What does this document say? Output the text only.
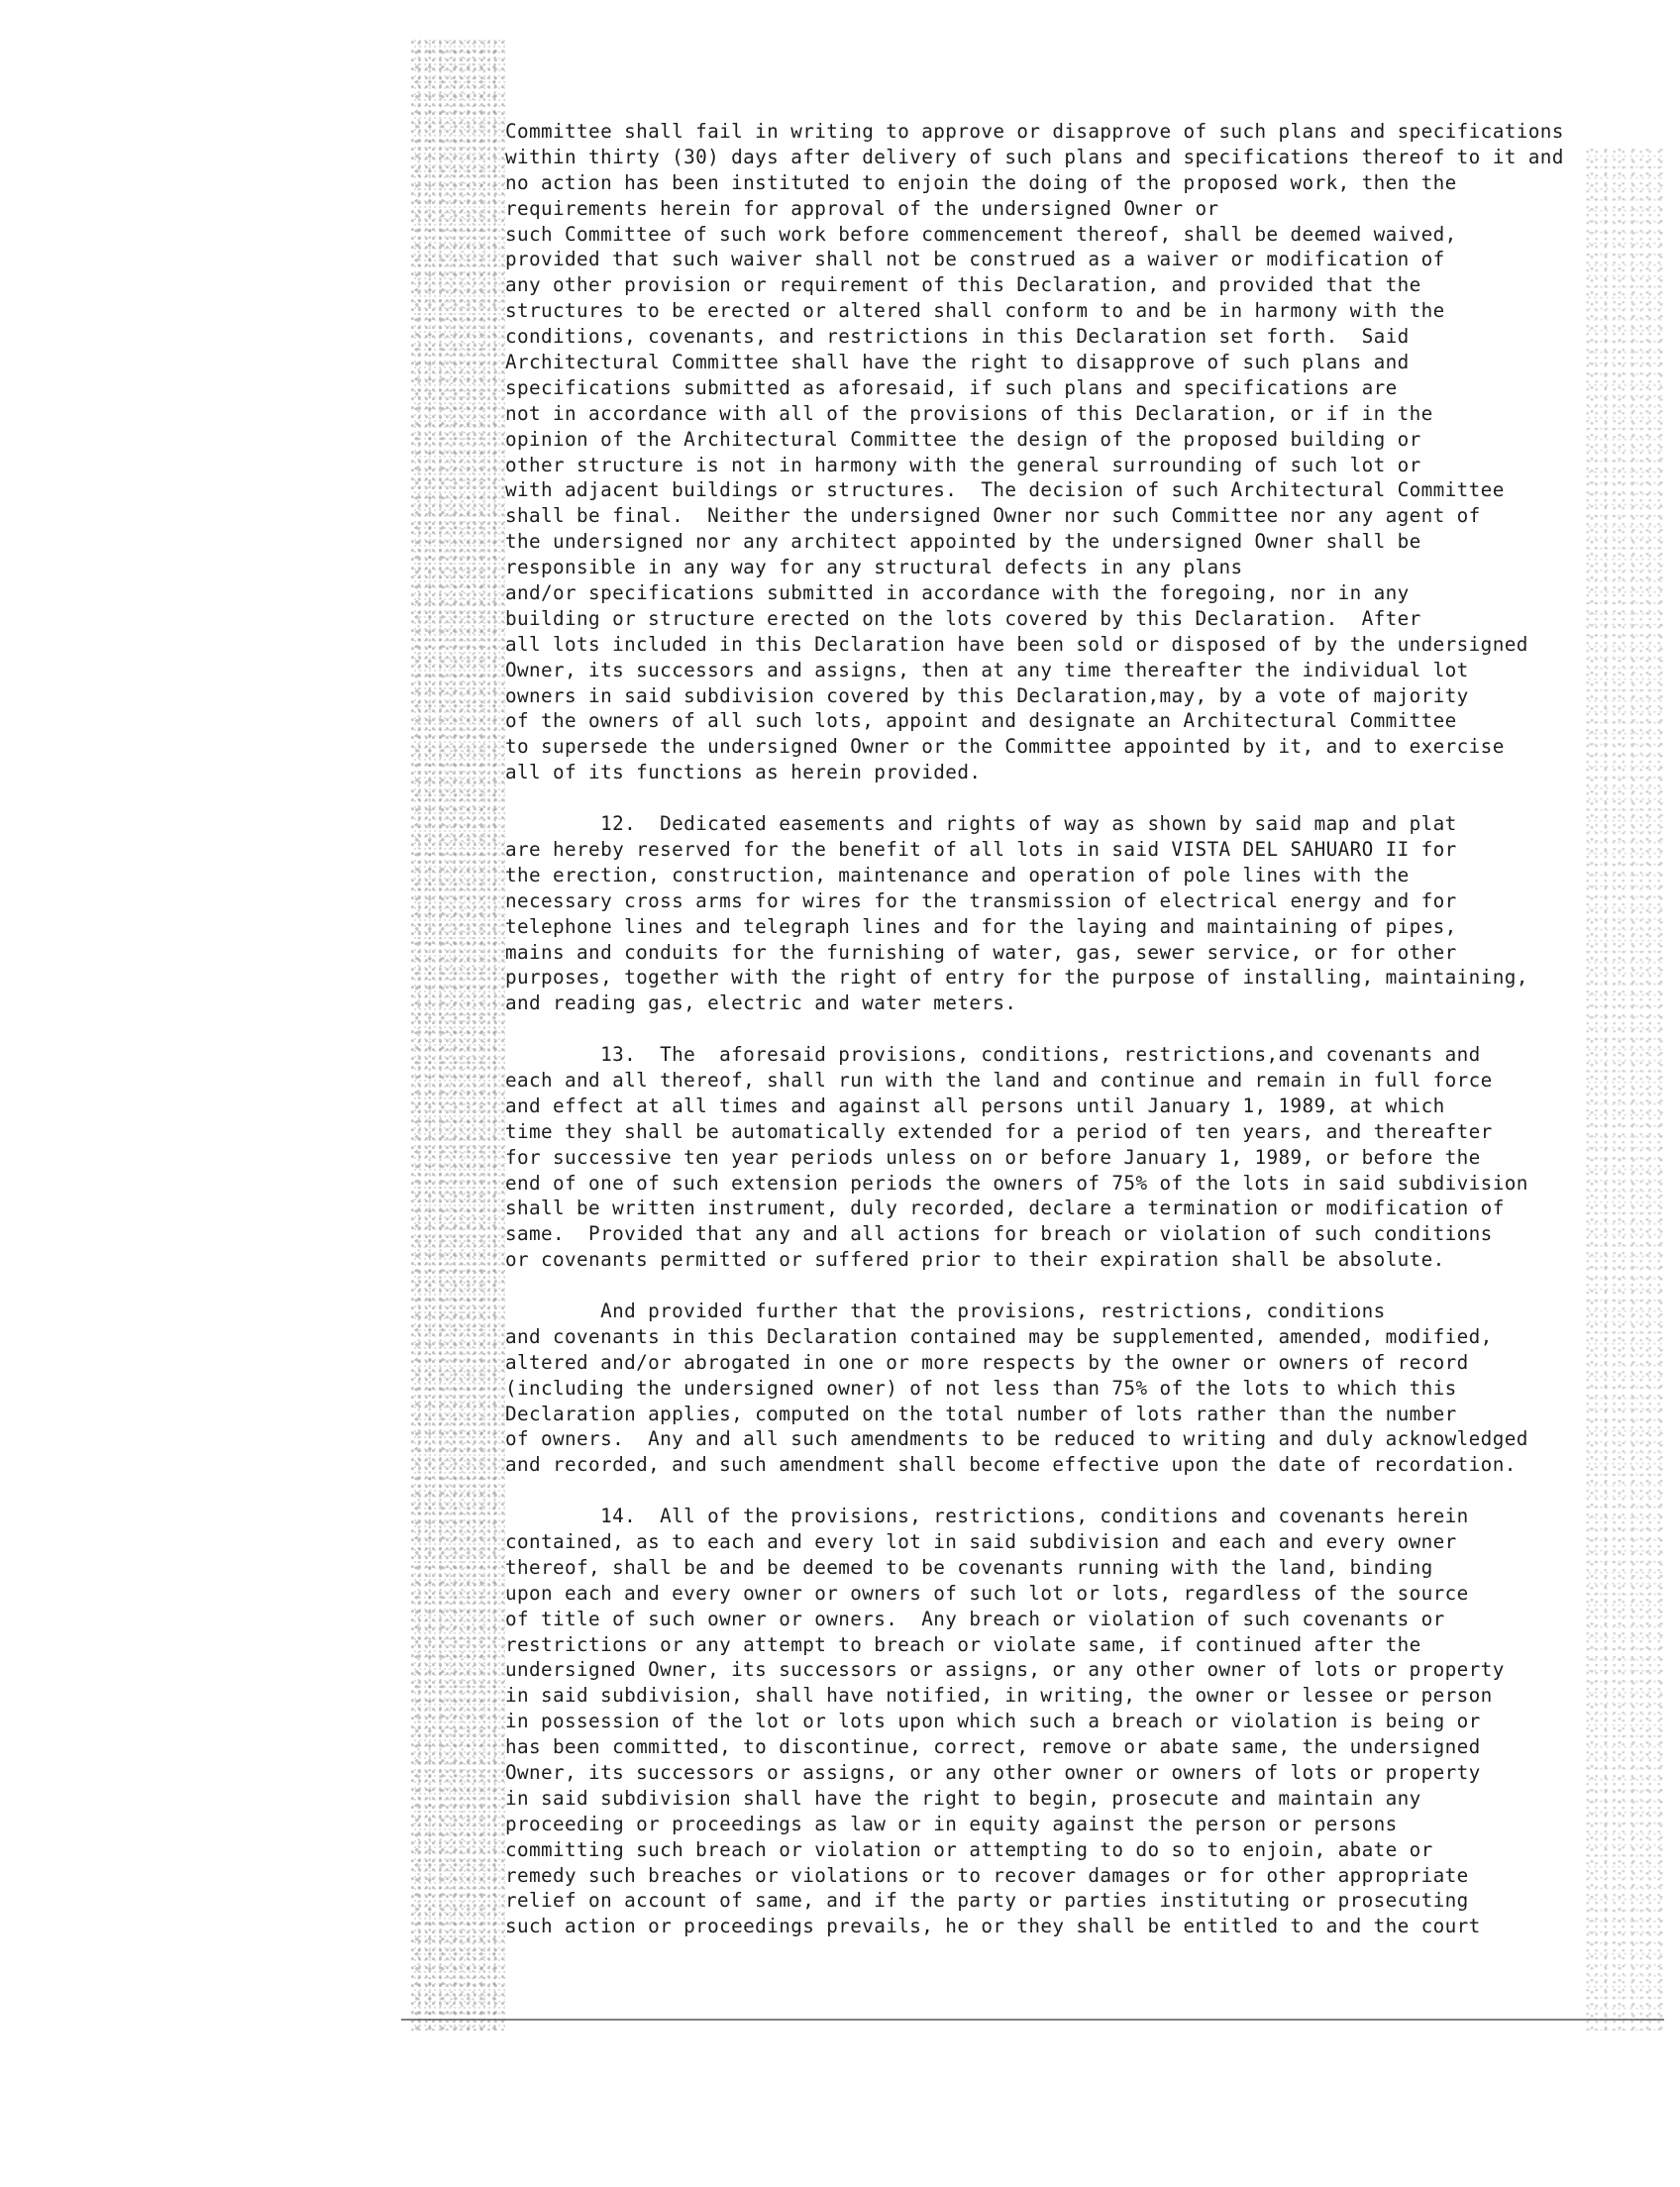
Committee shall fail in writing to approve or disapprove of such plans and specifications
within thirty (30) days after delivery of such plans and specifications thereof to it and
no action has been instituted to enjoin the doing of the proposed work, then the
requirements herein for approval of the undersigned Owner or
such Committee of such work before commencement thereof, shall be deemed waived,
provided that such waiver shall not be construed as a waiver or modification of
any other provision or requirement of this Declaration, and provided that the
structures to be erected or altered shall conform to and be in harmony with the
conditions, covenants, and restrictions in this Declaration set forth.  Said
Architectural Committee shall have the right to disapprove of such plans and
specifications submitted as aforesaid, if such plans and specifications are
not in accordance with all of the provisions of this Declaration, or if in the
opinion of the Architectural Committee the design of the proposed building or
other structure is not in harmony with the general surrounding of such lot or
with adjacent buildings or structures.  The decision of such Architectural Committee
shall be final.  Neither the undersigned Owner nor such Committee nor any agent of
the undersigned nor any architect appointed by the undersigned Owner shall be
responsible in any way for any structural defects in any plans
and/or specifications submitted in accordance with the foregoing, nor in any
building or structure erected on the lots covered by this Declaration.  After
all lots included in this Declaration have been sold or disposed of by the undersigned
Owner, its successors and assigns, then at any time thereafter the individual lot
owners in said subdivision covered by this Declaration,may, by a vote of majority
of the owners of all such lots, appoint and designate an Architectural Committee
to supersede the undersigned Owner or the Committee appointed by it, and to exercise
all of its functions as herein provided.
12.  Dedicated easements and rights of way as shown by said map and plat
are hereby reserved for the benefit of all lots in said VISTA DEL SAHUARO II for
the erection, construction, maintenance and operation of pole lines with the
necessary cross arms for wires for the transmission of electrical energy and for
telephone lines and telegraph lines and for the laying and maintaining of pipes,
mains and conduits for the furnishing of water, gas, sewer service, or for other
purposes, together with the right of entry for the purpose of installing, maintaining,
and reading gas, electric and water meters.
13.  The  aforesaid provisions, conditions, restrictions,and covenants and
each and all thereof, shall run with the land and continue and remain in full force
and effect at all times and against all persons until January 1, 1989, at which
time they shall be automatically extended for a period of ten years, and thereafter
for successive ten year periods unless on or before January 1, 1989, or before the
end of one of such extension periods the owners of 75% of the lots in said subdivision
shall be written instrument, duly recorded, declare a termination or modification of
same.  Provided that any and all actions for breach or violation of such conditions
or covenants permitted or suffered prior to their expiration shall be absolute.
And provided further that the provisions, restrictions, conditions
and covenants in this Declaration contained may be supplemented, amended, modified,
altered and/or abrogated in one or more respects by the owner or owners of record
(including the undersigned owner) of not less than 75% of the lots to which this
Declaration applies, computed on the total number of lots rather than the number
of owners.  Any and all such amendments to be reduced to writing and duly acknowledged
and recorded, and such amendment shall become effective upon the date of recordation.
14.  All of the provisions, restrictions, conditions and covenants herein
contained, as to each and every lot in said subdivision and each and every owner
thereof, shall be and be deemed to be covenants running with the land, binding
upon each and every owner or owners of such lot or lots, regardless of the source
of title of such owner or owners.  Any breach or violation of such covenants or
restrictions or any attempt to breach or violate same, if continued after the
undersigned Owner, its successors or assigns, or any other owner of lots or property
in said subdivision, shall have notified, in writing, the owner or lessee or person
in possession of the lot or lots upon which such a breach or violation is being or
has been committed, to discontinue, correct, remove or abate same, the undersigned
Owner, its successors or assigns, or any other owner or owners of lots or property
in said subdivision shall have the right to begin, prosecute and maintain any
proceeding or proceedings as law or in equity against the person or persons
committing such breach or violation or attempting to do so to enjoin, abate or
remedy such breaches or violations or to recover damages or for other appropriate
relief on account of same, and if the party or parties instituting or prosecuting
such action or proceedings prevails, he or they shall be entitled to and the court
